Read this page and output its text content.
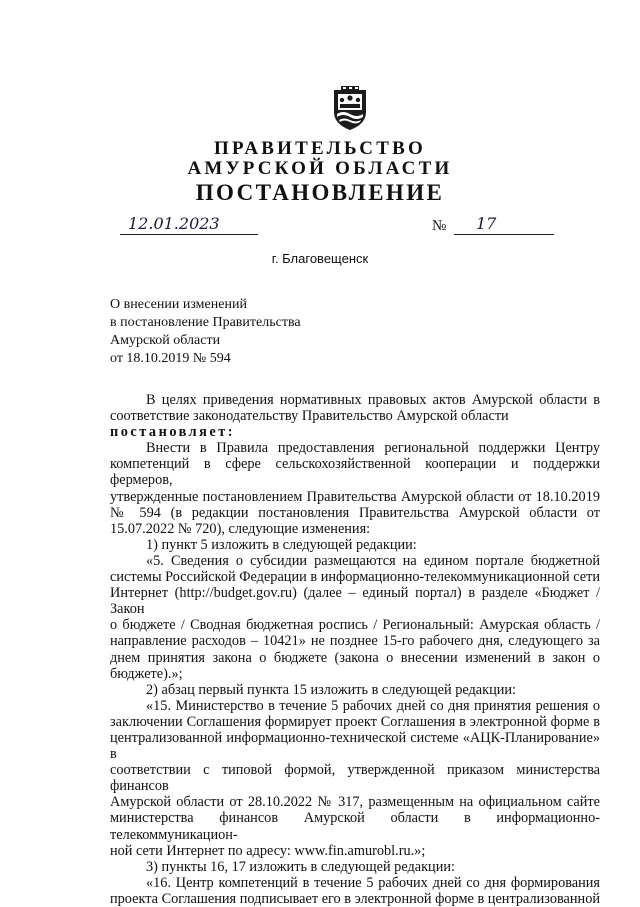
ПРАВИТЕЛЬСТВО
АМУРСКОЙ ОБЛАСТИ
ПОСТАНОВЛЕНИЕ
12.01.2023	№ 17
г. Благовещенск
О внесении изменений
в постановление Правительства
Амурской области
от 18.10.2019 № 594
В целях приведения нормативных правовых актов Амурской области в
соответствие законодательству Правительство Амурской области
постановляет:
Внести в Правила предоставления региональной поддержки Центру
компетенций в сфере сельскохозяйственной кооперации и поддержки фермеров,
утвержденные постановлением Правительства Амурской области от 18.10.2019
№ 594 (в редакции постановления Правительства Амурской области от
15.07.2022 № 720), следующие изменения:
1) пункт 5 изложить в следующей редакции:
«5. Сведения о субсидии размещаются на едином портале бюджетной
системы Российской Федерации в информационно-телекоммуникационной сети
Интернет (http://budget.gov.ru) (далее – единый портал) в разделе «Бюджет / Закон
о бюджете / Сводная бюджетная роспись / Региональный: Амурская область /
направление расходов – 10421» не позднее 15-го рабочего дня, следующего за
днем принятия закона о бюджете (закона о внесении изменений в закон о
бюджете).»;
2) абзац первый пункта 15 изложить в следующей редакции:
«15. Министерство в течение 5 рабочих дней со дня принятия решения о
заключении Соглашения формирует проект Соглашения в электронной форме в
централизованной информационно-технической системе «АЦК-Планирование» в
соответствии с типовой формой, утвержденной приказом министерства финансов
Амурской области от 28.10.2022 № 317, размещенным на официальном сайте
министерства финансов Амурской области в информационно-телекоммуникацион-
ной сети Интернет по адресу: www.fin.amurobl.ru.»;
3) пункты 16, 17 изложить в следующей редакции:
«16. Центр компетенций в течение 5 рабочих дней со дня формирования
проекта Соглашения подписывает его в электронной форме в централизованной
